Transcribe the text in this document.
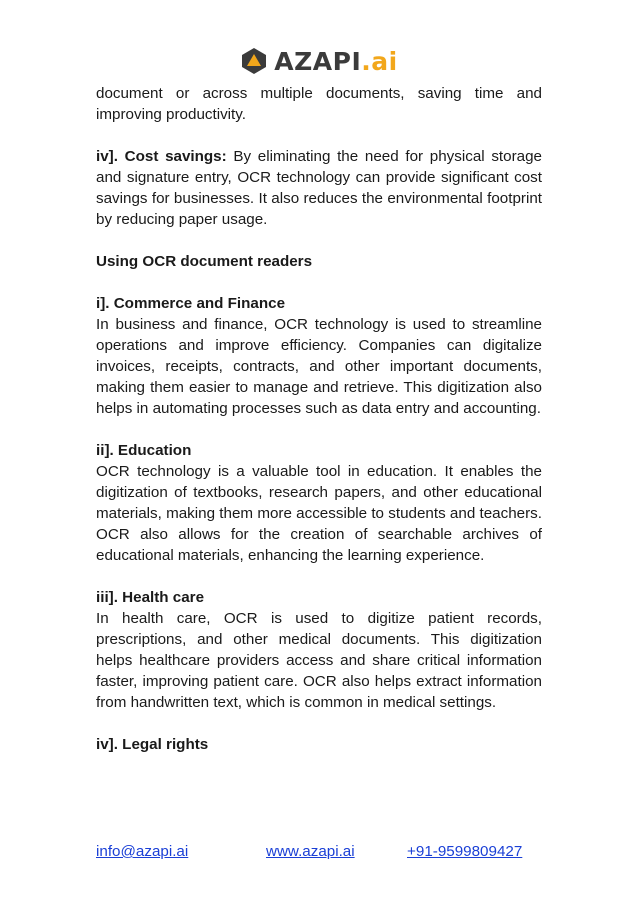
AZAPI.ai

document or across multiple documents, saving time and improving productivity.

iv]. Cost savings: By eliminating the need for physical storage and signature entry, OCR technology can provide significant cost savings for businesses. It also reduces the environmental footprint by reducing paper usage.

Using OCR document readers

i]. Commerce and Finance

In business and finance, OCR technology is used to streamline operations and improve efficiency. Companies can digitalize invoices, receipts, contracts, and other important documents, making them easier to manage and retrieve. This digitization also helps in automating processes such as data entry and accounting.

ii]. Education

OCR technology is a valuable tool in education. It enables the digitization of textbooks, research papers, and other educational materials, making them more accessible to students and teachers. OCR also allows for the creation of searchable archives of educational materials, enhancing the learning experience.

iii]. Health care

In health care, OCR is used to digitize patient records, prescriptions, and other medical documents. This digitization helps healthcare providers access and share critical information faster, improving patient care. OCR also helps extract information from handwritten text, which is common in medical settings.

iv]. Legal rights

info@azapi.ai	www.azapi.ai	+91-9599809427
